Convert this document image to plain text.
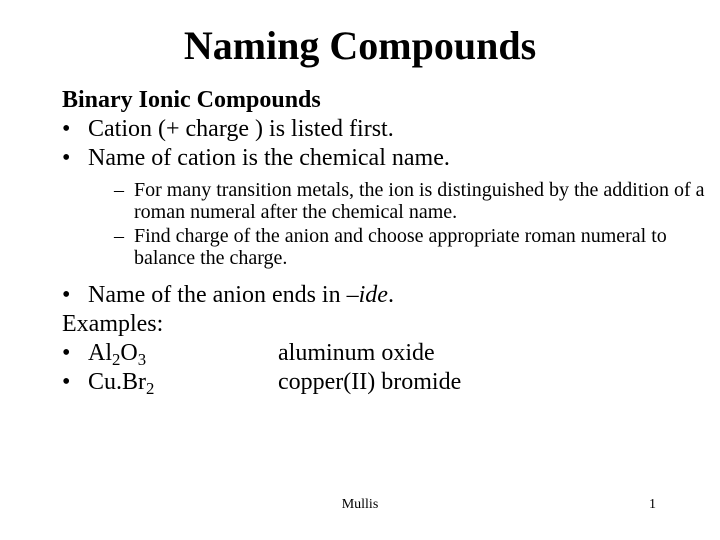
Naming Compounds
Binary Ionic Compounds
• Cation (+ charge ) is listed first.
• Name of cation is the chemical name.
– For many transition metals, the ion is distinguished by the addition of a roman numeral after the chemical name.
– Find charge of the anion and choose appropriate roman numeral to balance the charge.
• Name of the anion ends in –ide.
Examples:
• $Al_2O_3$	aluminum oxide
• $Cu.Br_2$	copper(II) bromide
Mullis	1
